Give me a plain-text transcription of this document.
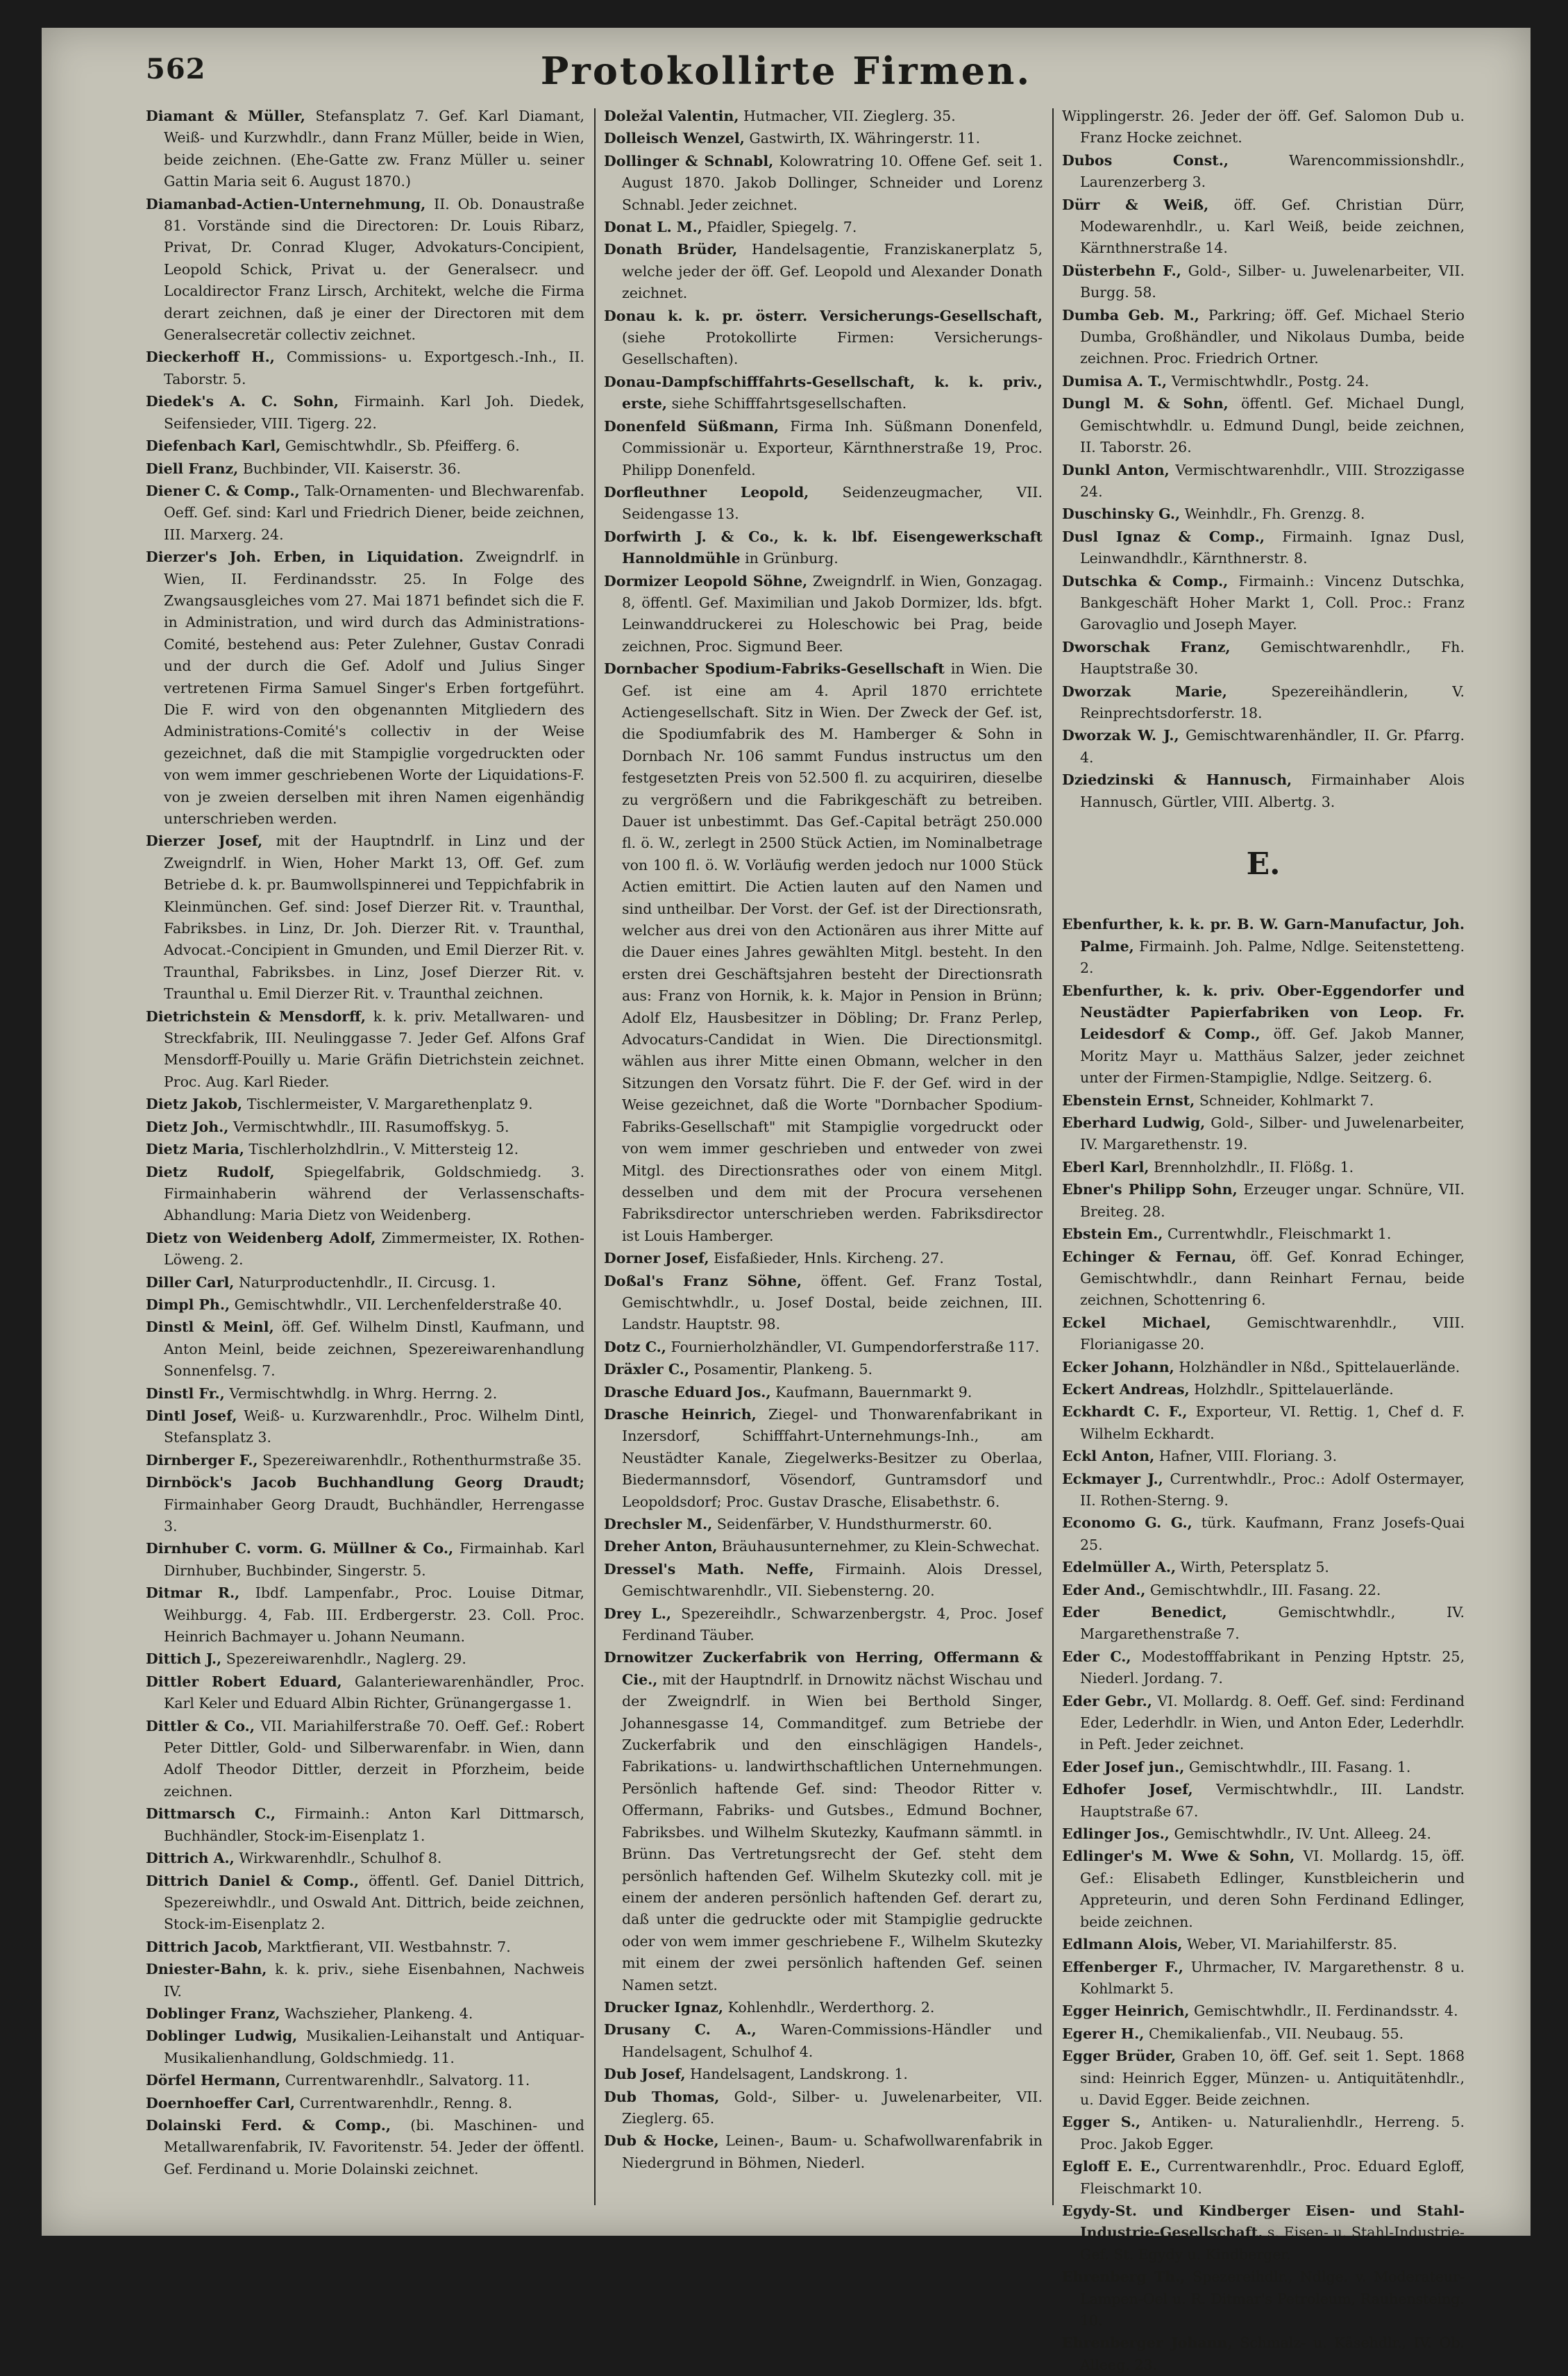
562	Protokollirte Firmen.
Diamant & Müller, Stefansplatz 7. Gef. Karl Diamant, Weiß- und Kurzwhdlr., dann Franz Müller, beide in Wien, beide zeichnen. (Ehe-Gatte zw. Franz Müller u. seiner Gattin Maria seit 6. August 1870.)
Diamanbad-Actien-Unternehmung, II. Ob. Donaustraße 81. Vorstände sind die Directoren: Dr. Louis Ribarz, Privat, Dr. Conrad Kluger, Advokaturs-Concipient, Leopold Schick, Privat u. der Generalsecr. und Localdirector Franz Lirsch, Architekt, welche die Firma derart zeichnen, daß je einer der Directoren mit dem Generalsecretär collectiv zeichnet.
Dieckerhoff H., Commissions- u. Exportgesch.-Inh., II. Taborstr. 5.
Diedek's A. C. Sohn, Firmainh. Karl Joh. Diedek, Seifensieder, VIII. Tigerg. 22.
Diefenbach Karl, Gemischtwhdlr., Sb. Pfeifferg. 6.
Diell Franz, Buchbinder, VII. Kaiserstr. 36.
Diener C. & Comp., Talk-Ornamenten- und Blechwarenfab. Oeff. Gef. sind: Karl und Friedrich Diener, beide zeichnen, III. Marxerg. 24.
Dierzer's Joh. Erben, in Liquidation. Zweigndrlf. in Wien, II. Ferdinandsstr. 25. In Folge des Zwangsausgleiches vom 27. Mai 1871 befindet sich die F. in Administration, und wird durch das Administrations-Comité, bestehend aus: Peter Zulehner, Gustav Conradi und der durch die Gef. Adolf und Julius Singer vertretenen Firma Samuel Singer's Erben fortgeführt. Die F. wird von den obgenannten Mitgliedern des Administrations-Comité's collectiv in der Weise gezeichnet, daß die mit Stampiglie vorgedruckten oder von wem immer geschriebenen Worte der Liquidations-F. von je zweien derselben mit ihren Namen eigenhändig unterschrieben werden.
Dierzer Josef, mit der Hauptndrlf. in Linz und der Zweigndrlf. in Wien, Hoher Markt 13, Off. Gef. zum Betriebe d. k. pr. Baumwollspinnerei und Teppichfabrik in Kleinmünchen. Gef. sind: Josef Dierzer Rit. v. Traunthal, Fabriksbes. in Linz, Dr. Joh. Dierzer Rit. v. Traunthal, Advocat.-Concipient in Gmunden, und Emil Dierzer Rit. v. Traunthal, Fabriksbes. in Linz, Josef Dierzer Rit. v. Traunthal u. Emil Dierzer Rit. v. Traunthal zeichnen.
Dietrichstein & Mensdorff, k. k. priv. Metallwaren- und Streckfabrik, III. Neulinggasse 7. Jeder Gef. Alfons Graf Mensdorff-Pouilly u. Marie Gräfin Dietrichstein zeichnet. Proc. Aug. Karl Rieder.
Dietz Jakob, Tischlermeister, V. Margarethenplatz 9.
Dietz Joh., Vermischtwhdlr., III. Rasumoffskyg. 5.
Dietz Maria, Tischlerholzhdlrin., V. Mittersteig 12.
Dietz Rudolf, Spiegelfabrik, Goldschmiedg. 3. Firmainhaberin während der Verlassenschafts-Abhandlung: Maria Dietz von Weidenberg.
Dietz von Weidenberg Adolf, Zimmermeister, IX. Rothen-Löweng. 2.
Diller Carl, Naturproductenhdlr., II. Circusg. 1.
Dimpl Ph., Gemischtwhdlr., VII. Lerchenfelderstraße 40.
Dinstl & Meinl, öff. Gef. Wilhelm Dinstl, Kaufmann, und Anton Meinl, beide zeichnen, Spezereiwarenhandlung Sonnenfelsg. 7.
Dinstl Fr., Vermischtwhdlg. in Whrg. Herrng. 2.
Dintl Josef, Weiß- u. Kurzwarenhdlr., Proc. Wilhelm Dintl, Stefansplatz 3.
Dirnberger F., Spezereiwarenhdlr., Rothenthurmstraße 35.
Dirnböck's Jacob Buchhandlung Georg Draudt; Firmainhaber Georg Draudt, Buchhändler, Herrengasse 3.
Dirnhuber C. vorm. G. Müllner & Co., Firmainhab. Karl Dirnhuber, Buchbinder, Singerstr. 5.
Ditmar R., Ibdf. Lampenfabr., Proc. Louise Ditmar, Weihburgg. 4, Fab. III. Erdbergerstr. 23. Coll. Proc. Heinrich Bachmayer u. Johann Neumann.
Dittich J., Spezereiwarenhdlr., Naglerg. 29.
Dittler Robert Eduard, Galanteriewarenhändler, Proc. Karl Keler und Eduard Albin Richter, Grünangergasse 1.
Dittler & Co., VII. Mariahilferstraße 70. Oeff. Gef.: Robert Peter Dittler, Gold- und Silberwarenfabr. in Wien, dann Adolf Theodor Dittler, derzeit in Pforzheim, beide zeichnen.
Dittmarsch C., Firmainh.: Anton Karl Dittmarsch, Buchhändler, Stock-im-Eisenplatz 1.
Dittrich A., Wirkwarenhdlr., Schulhof 8.
Dittrich Daniel & Comp., öffentl. Gef. Daniel Dittrich, Spezereiwhdlr., und Oswald Ant. Dittrich, beide zeichnen, Stock-im-Eisenplatz 2.
Dittrich Jacob, Marktfierant, VII. Westbahnstr. 7.
Dniester-Bahn, k. k. priv., siehe Eisenbahnen, Nachweis IV.
Doblinger Franz, Wachszieher, Plankeng. 4.
Doblinger Ludwig, Musikalien-Leihanstalt und Antiquar-Musikalienhandlung, Goldschmiedg. 11.
Dörfel Hermann, Currentwarenhdlr., Salvatorg. 11.
Doernhoeffer Carl, Currentwarenhdlr., Renng. 8.
Dolainski Ferd. & Comp., (bi. Maschinen- und Metallwarenfabrik, IV. Favoritenstr. 54. Jeder der öffentl. Gef. Ferdinand u. Morie Dolainski zeichnet.
Doležal Valentin, Hutmacher, VII. Zieglerg. 35.
Dolleisch Wenzel, Gastwirth, IX. Währingerstr. 11.
Dollinger & Schnabl, Kolowratring 10. Offene Gef. seit 1. August 1870. Jakob Dollinger, Schneider und Lorenz Schnabl. Jeder zeichnet.
Donat L. M., Pfaidler, Spiegelg. 7.
Donath Brüder, Handelsagentie, Franziskanerplatz 5, welche jeder der öff. Gef. Leopold und Alexander Donath zeichnet.
Donau k. k. pr. österr. Versicherungs-Gesellschaft, (siehe Protokollirte Firmen: Versicherungs-Gesellschaften).
Donau-Dampfschifffahrts-Gesellschaft, k. k. priv., erste, siehe Schifffahrtsgesellschaften.
Donenfeld Süßmann, Firma Inh. Süßmann Donenfeld, Commissionär u. Exporteur, Kärnthnerstraße 19, Proc. Philipp Donenfeld.
Dorfleuthner Leopold, Seidenzeugmacher, VII. Seidengasse 13.
Dorfwirth J. & Co., k. k. lbf. Eisengewerkschaft Hannoldmühle in Grünburg.
Dormizer Leopold Söhne, Zweigndrlf. in Wien, Gonzagag. 8, öffentl. Gef. Maximilian und Jakob Dormizer, lds. bfgt. Leinwanddruckerei zu Holeschowic bei Prag, beide zeichnen, Proc. Sigmund Beer.
Dornbacher Spodium-Fabriks-Gesellschaft in Wien. Die Gef. ist eine am 4. April 1870 errichtete Actiengesellschaft. Sitz in Wien. Der Zweck der Gef. ist, die Spodiumfabrik des M. Hamberger & Sohn in Dornbach Nr. 106 sammt Fundus instructus um den festgesetzten Preis von 52.500 fl. zu acquiriren, dieselbe zu vergrößern und die Fabrikgeschäft zu betreiben. Dauer ist unbestimmt. Das Gef.-Capital beträgt 250.000 fl. ö. W., zerlegt in 2500 Stück Actien, im Nominalbetrage von 100 fl. ö. W. Vorläufig werden jedoch nur 1000 Stück Actien emittirt. Die Actien lauten auf den Namen und sind untheilbar. Der Vorst. der Gef. ist der Directionsrath, welcher aus drei von den Actionären aus ihrer Mitte auf die Dauer eines Jahres gewählten Mitgl. besteht. In den ersten drei Geschäftsjahren besteht der Directionsrath aus: Franz von Hornik, k. k. Major in Pension in Brünn; Adolf Elz, Hausbesitzer in Döbling; Dr. Franz Perlep, Advocaturs-Candidat in Wien. Die Directionsmitgl. wählen aus ihrer Mitte einen Obmann, welcher in den Sitzungen den Vorsatz führt. Die F. der Gef. wird in der Weise gezeichnet, daß die Worte "Dornbacher Spodium-Fabriks-Gesellschaft" mit Stampiglie vorgedruckt oder von wem immer geschrieben und entweder von zwei Mitgl. des Directionsrathes oder von einem Mitgl. desselben und dem mit der Procura versehenen Fabriksdirector unterschrieben werden. Fabriksdirector ist Louis Hamberger.
Dorner Josef, Eisfaßieder, Hnls. Kircheng. 27.
Doßal's Franz Söhne, öffent. Gef. Franz Tostal, Gemischtwhdlr., u. Josef Dostal, beide zeichnen, III. Landstr. Hauptstr. 98.
Dotz C., Fournierholzhändler, VI. Gumpendorferstraße 117.
Dräxler C., Posamentir, Plankeng. 5.
Drasche Eduard Jos., Kaufmann, Bauernmarkt 9.
Drasche Heinrich, Ziegel- und Thonwarenfabrikant in Inzersdorf, Schifffahrt-Unternehmungs-Inh., am Neustädter Kanale, Ziegelwerks-Besitzer zu Oberlaa, Biedermannsdorf, Vösendorf, Guntramsdorf und Leopoldsdorf; Proc. Gustav Drasche, Elisabethstr. 6.
Drechsler M., Seidenfärber, V. Hundsthurmerstr. 60.
Dreher Anton, Bräuhausunternehmer, zu Klein-Schwechat.
Dressel's Math. Neffe, Firmainh. Alois Dressel, Gemischtwarenhdlr., VII. Siebensterng. 20.
Drey L., Spezereihdlr., Schwarzenbergstr. 4, Proc. Josef Ferdinand Täuber.
Drnowitzer Zuckerfabrik von Herring, Offermann & Cie., mit der Hauptndrlf. in Drnowitz nächst Wischau und der Zweigndrlf. in Wien bei Berthold Singer, Johannesgasse 14, Commanditgef. zum Betriebe der Zuckerfabrik und den einschlägigen Handels-, Fabrikations- u. landwirthschaftlichen Unternehmungen. Persönlich haftende Gef. sind: Theodor Ritter v. Offermann, Fabriks- und Gutsbes., Edmund Bochner, Fabriksbes. und Wilhelm Skutezky, Kaufmann sämmtl. in Brünn. Das Vertretungsrecht der Gef. steht dem persönlich haftenden Gef. Wilhelm Skutezky coll. mit je einem der anderen persönlich haftenden Gef. derart zu, daß unter die gedruckte oder mit Stampiglie gedruckte oder von wem immer geschriebene F., Wilhelm Skutezky mit einem der zwei persönlich haftenden Gef. seinen Namen setzt.
Drucker Ignaz, Kohlenhdlr., Werderthorg. 2.
Drusany C. A., Waren-Commissions-Händler und Handelsagent, Schulhof 4.
Dub Josef, Handelsagent, Landskrong. 1.
Dub Thomas, Gold-, Silber- u. Juwelenarbeiter, VII. Zieglerg. 65.
Dub & Hocke, Leinen-, Baum- u. Schafwollwarenfabrik in Niedergrund in Böhmen, Niederl.
Wipplingerstr. 26. Jeder der öff. Gef. Salomon Dub u. Franz Hocke zeichnet.
Dubos Const.,	Warencommissionshdlr., Laurenzerberg 3.
Dürr & Weiß, öff. Gef. Christian Dürr, Modewarenhdlr., u. Karl Weiß, beide zeichnen, Kärnthnerstraße 14.
Düsterbehn F., Gold-, Silber- u. Juwelenarbeiter, VII. Burgg. 58.
Dumba Geb. M., Parkring; öff. Gef. Michael Sterio Dumba, Großhändler, und Nikolaus Dumba, beide zeichnen. Proc. Friedrich Ortner.
Dumisa A. T., Vermischtwhdlr., Postg. 24.
Dungl M. & Sohn, öffentl. Gef. Michael Dungl, Gemischtwhdlr. u. Edmund Dungl, beide zeichnen, II. Taborstr. 26.
Dunkl Anton, Vermischtwarenhdlr., VIII. Strozzigasse 24.
Duschinsky G., Weinhdlr., Fh. Grenzg. 8.
Dusl Ignaz & Comp., Firmainh. Ignaz Dusl, Leinwandhdlr., Kärnthnerstr. 8.
Dutschka & Comp., Firmainh.: Vincenz Dutschka, Bankgeschäft Hoher Markt 1, Coll. Proc.: Franz Garovaglio und Joseph Mayer.
Dworschak Franz, Gemischtwarenhdlr., Fh. Hauptstraße 30.
Dworzak Marie,	Spezereihändlerin, V. Reinprechtsdorferstr. 18.
Dworzak W. J., Gemischtwarenhändler, II. Gr. Pfarrg. 4.
Dziedzinski & Hannusch, Firmainhaber Alois Hannusch, Gürtler, VIII. Albertg. 3.
E.
Ebenfurther, k. k. pr. B. W. Garn-Manufactur, Joh. Palme, Firmainh. Joh. Palme, Ndlge. Seitenstetteng. 2.
Ebenfurther, k. k. priv. Ober-Eggendorfer und Neustädter Papierfabriken von Leop. Fr. Leidesdorf & Comp., öff. Gef. Jakob Manner, Moritz Mayr u. Matthäus Salzer, jeder zeichnet unter der Firmen-Stampiglie, Ndlge. Seitzerg. 6.
Ebenstein Ernst, Schneider, Kohlmarkt 7.
Eberhard Ludwig, Gold-, Silber- und Juwelenarbeiter, IV. Margarethenstr. 19.
Eberl Karl, Brennholzhdlr., II. Flößg. 1.
Ebner's Philipp Sohn, Erzeuger ungar. Schnüre, VII. Breiteg. 28.
Ebstein Em., Currentwhdlr., Fleischmarkt 1.
Echinger & Fernau, öff. Gef. Konrad Echinger, Gemischtwhdlr., dann Reinhart Fernau, beide zeichnen, Schottenring 6.
Eckel Michael,	Gemischtwarenhdlr., VIII. Florianigasse 20.
Ecker Johann, Holzhändler in Nßd., Spittelauerlände.
Eckert Andreas, Holzhdlr., Spittelauerlände.
Eckhardt C. F., Exporteur, VI. Rettig. 1, Chef d. F. Wilhelm Eckhardt.
Eckl Anton, Hafner, VIII. Floriang. 3.
Eckmayer J., Currentwhdlr., Proc.: Adolf Ostermayer, II. Rothen-Sterng. 9.
Economo G. G., türk. Kaufmann, Franz Josefs-Quai 25.
Edelmüller A., Wirth, Petersplatz 5.
Eder And., Gemischtwhdlr., III. Fasang. 22.
Eder Benedict,	Gemischtwhdlr., IV. Margarethenstraße 7.
Eder C., Modestofffabrikant in Penzing Hptstr. 25, Niederl. Jordang. 7.
Eder Gebr., VI. Mollardg. 8. Oeff. Gef. sind: Ferdinand Eder, Lederhdlr. in Wien, und Anton Eder, Lederhdlr. in Peft. Jeder zeichnet.
Eder Josef jun., Gemischtwhdlr., III. Fasang. 1.
Edhofer Josef, Vermischtwhdlr., III. Landstr. Hauptstraße 67.
Edlinger Jos., Gemischtwhdlr., IV. Unt. Alleeg. 24.
Edlinger's M. Wwe & Sohn, VI. Mollardg. 15, öff. Gef.: Elisabeth Edlinger, Kunstbleicherin und Appreteurin, und deren Sohn Ferdinand Edlinger, beide zeichnen.
Edlmann Alois, Weber, VI. Mariahilferstr. 85.
Effenberger F., Uhrmacher, IV. Margarethenstr. 8 u. Kohlmarkt 5.
Egger Heinrich, Gemischtwhdlr., II. Ferdinandsstr. 4.
Egerer H., Chemikalienfab., VII. Neubaug. 55.
Egger Brüder, Graben 10, öff. Gef. seit 1. Sept. 1868 sind: Heinrich Egger, Münzen- u. Antiquitätenhdlr., u. David Egger. Beide zeichnen.
Egger S., Antiken- u. Naturalienhdlr., Herreng. 5. Proc. Jakob Egger.
Egloff E. E., Currentwarenhdlr., Proc. Eduard Egloff, Fleischmarkt 10.
Egydy-St. und Kindberger Eisen- und Stahl-Industrie-Gesellschaft, s. Eisen- u. Stahl-Industrie-Gef. St. Egydy u. Kindberger.
Ehrenberg Th., Spezereihdlr., Ndlge. v. Moderateur-Lampen-Oel u. R. Ditmar's Petroleum, Rauhensteing. 10.
Ehrenberger Johann, Schmalz- u. Käsehdlr., IV. Ob. Alleeg. 23.
